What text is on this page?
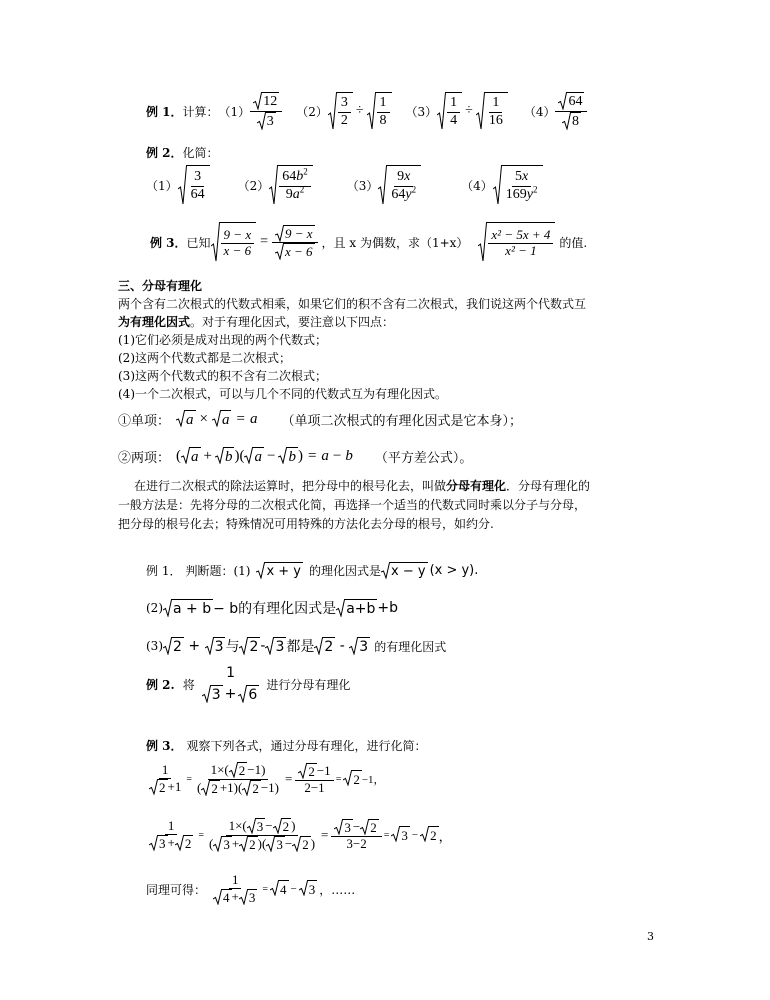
例 1． 计算： $(1) \frac{12}{3} (2) \frac{3}{2} \div \frac{1}{8} (3) \frac{1}{4} \div \frac{1}{16} (4) \frac{64}{8}$
例 2．化简：
$(1) \frac{3}{64}$	$(2) \frac{64b^2}{9a^2}$	$(3) \frac{9x}{64y^2}$	$(4) \frac{5x}{169y^2}$
例 3． 已知 $\frac{9 - x}{x - 6} = \frac{9 - x}{x - 6}$ ，且 x 为偶数，求$(1+x) \frac{\text{x² − 5x + 4}}{\text{x² − 1}}$ 的值.
三、分母有理化
两个含有二次根式的代数式相乘，如果它们的积不含有二次根式，我们说这两个代数式互
为有理化因式。对于有理化因式，要注意以下四点：
(1)它们必须是成对出现的两个代数式；
(2)这两个代数式都是二次根式；
(3)这两个代数式的积不含有二次根式；
(4)一个二次根式，可以与几个不同的代数式互为有理化因式。
①单项： a × a = a （单项二次根式的有理化因式是它本身）；
②两项： ( a + b )( a − b ) = a − b （平方差公式）。
在进行二次根式的除法运算时，把分母中的根号化去，叫做分母有理化．分母有理化的
一般方法是：先将分母的二次根式化简，再选择一个适当的代数式同时乘以分子与分母，
把分母的根号化去；特殊情况可用特殊的方法化去分母的根号，如约分.
例 1． 判断题：(1) x + y 的理化因式是 x − y (x > y).
(2) a + b − b的有理化因式是 a+b +b
(3) 2 + 3 与 2 - 3 都是 2 - 3 的有理化因式
例 2. 将
1
3 + 6
进行分母有理化
例 3． 观察下列各式，通过分母有理化，进行化简：
$\frac{1}{2 +1} = \frac{1\times( 2 -1)}{( 2 +1)( 2 -1)} = \frac{2 -1}{2-1} = 2 -1$，
$\frac{1}{3 + 2} = \frac{1\times( 3 - 2 )}{( 3 + 2 )( 3 - 2 )} = \frac{3 - 2}{3-2} = 3 - 2$ ，
同理可得： $\frac{1}{4 + 3} = 4 - 3$ ，……
3
